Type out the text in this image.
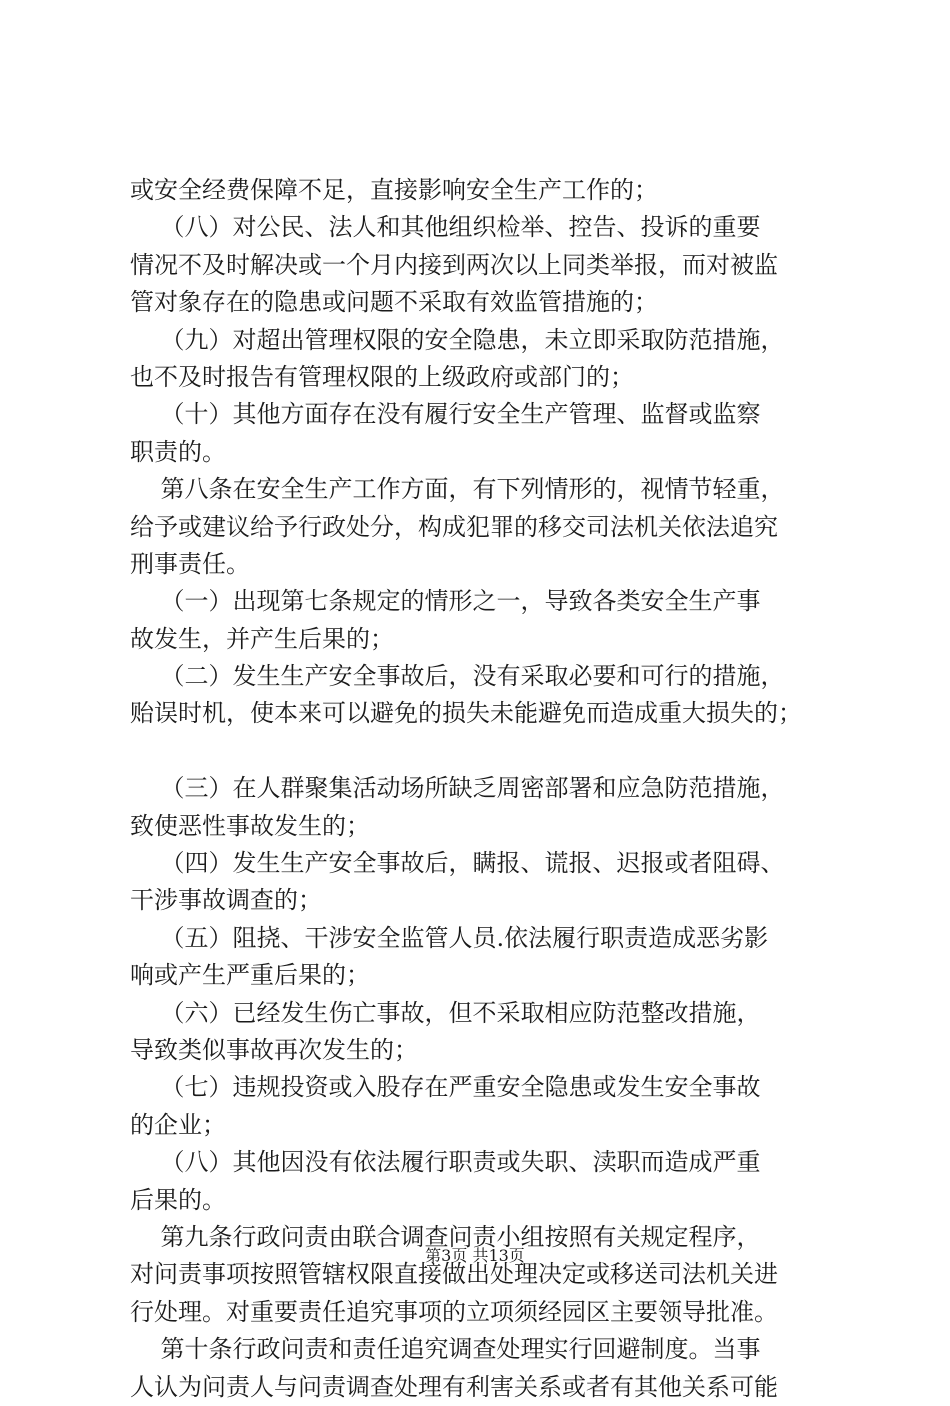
或安全经费保障不足，直接影响安全生产工作的；
（八）对公民、法人和其他组织检举、控告、投诉的重要
情况不及时解决或一个月内接到两次以上同类举报，而对被监
管对象存在的隐患或问题不采取有效监管措施的；
（九）对超出管理权限的安全隐患，未立即采取防范措施，
也不及时报告有管理权限的上级政府或部门的；
（十）其他方面存在没有履行安全生产管理、监督或监察
职责的。
第八条在安全生产工作方面，有下列情形的，视情节轻重，
给予或建议给予行政处分，构成犯罪的移交司法机关依法追究
刑事责任。
（一）出现第七条规定的情形之一，导致各类安全生产事
故发生，并产生后果的；
（二）发生生产安全事故后，没有采取必要和可行的措施，
贻误时机，使本来可以避免的损失未能避免而造成重大损失的；
（三）在人群聚集活动场所缺乏周密部署和应急防范措施，
致使恶性事故发生的；
（四）发生生产安全事故后，瞒报、谎报、迟报或者阻碍、
干涉事故调查的；
（五）阻挠、干涉安全监管人员.依法履行职责造成恶劣影
响或产生严重后果的；
（六）已经发生伤亡事故，但不采取相应防范整改措施，
导致类似事故再次发生的；
（七）违规投资或入股存在严重安全隐患或发生安全事故
的企业；
（八）其他因没有依法履行职责或失职、渎职而造成严重
后果的。
第九条行政问责由联合调查问责小组按照有关规定程序，
对问责事项按照管辖权限直接做出处理决定或移送司法机关进
行处理。对重要责任追究事项的立项须经园区主要领导批准。
第十条行政问责和责任追究调查处理实行回避制度。当事
人认为问责人与问责调查处理有利害关系或者有其他关系可能
第3页 共13页
